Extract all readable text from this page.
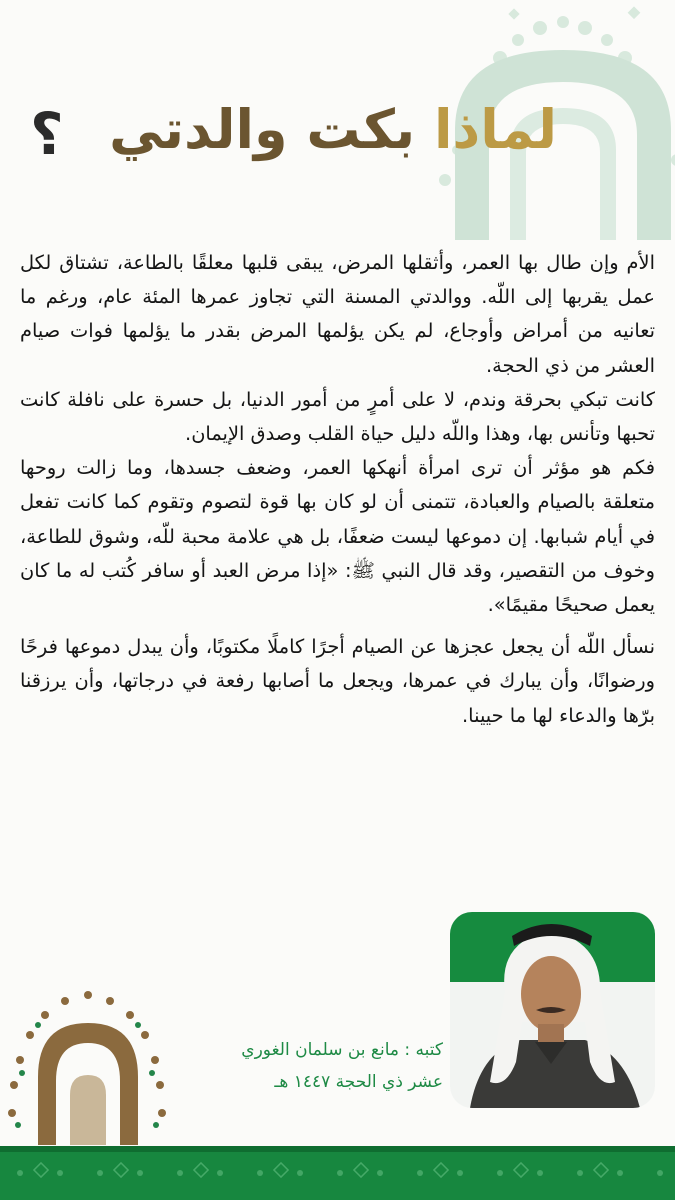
لماذا بكت والدتي
؟

الأم وإن طال بها العمر، وأثقلها المرض، يبقى قلبها معلقًا بالطاعة، تشتاق لكل عمل يقربها إلى اللّه. ووالدتي المسنة التي تجاوز عمرها المئة عام، ورغم ما تعانيه من أمراض وأوجاع، لم يكن يؤلمها المرض بقدر ما يؤلمها فوات صيام العشر من ذي الحجة.

كانت تبكي بحرقة وندم، لا على أمرٍ من أمور الدنيا، بل حسرة على نافلة كانت تحبها وتأنس بها، وهذا واللّه دليل حياة القلب وصدق الإيمان.

فكم هو مؤثر أن ترى امرأة أنهكها العمر، وضعف جسدها، وما زالت روحها متعلقة بالصيام والعبادة، تتمنى أن لو كان بها قوة لتصوم وتقوم كما كانت تفعل في أيام شبابها. إن دموعها ليست ضعفًا، بل هي علامة محبة للّه، وشوق للطاعة، وخوف من التقصير، وقد قال النبي ﷺ: «إذا مرض العبد أو سافر كُتب له ما كان يعمل صحيحًا مقيمًا».

نسأل اللّه أن يجعل عجزها عن الصيام أجرًا كاملًا مكتوبًا، وأن يبدل دموعها فرحًا ورضوانًا، وأن يبارك في عمرها، ويجعل ما أصابها رفعة في درجاتها، وأن يرزقنا برّها والدعاء لها ما حيينا.

كتبه : مانع بن سلمان الغوري
عشر ذي الحجة ١٤٤٧ هـ
